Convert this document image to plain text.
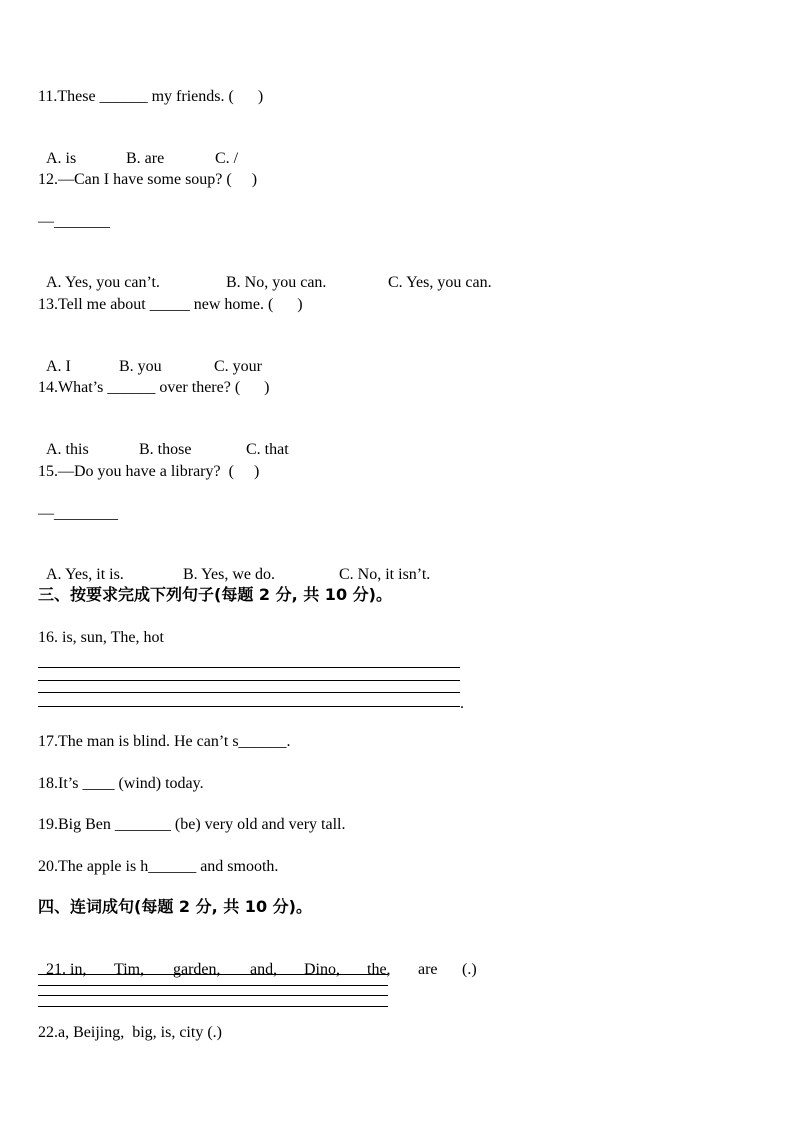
11.These ______ my friends. (      )

A. is	B. are	C. /

12.—Can I have some soup? (     )
—_______

A. Yes, you can’t.	B. No, you can.	C. Yes, you can.

13.Tell me about _____ new home. (      )

A. I	B. you	C. your

14.What’s ______ over there? (      )

A. this	B. those	C. that

15.—Do you have a library?  (     )
—________

A. Yes, it is.	B. Yes, we do.	C. No, it isn’t.

三、按要求完成下列句子(每题 2 分, 共 10 分)。
16. is, sun, The, hot
.
17.The man is blind. He can’t s______.
18.It’s ____ (wind) today.
19.Big Ben _______ (be) very old and very tall.
20.The apple is h______ and smooth.
四、连词成句(每题 2 分, 共 10 分)。

21. in, Tim, garden, and, Dino, the, are (.)

22.a, Beijing,  big, is, city (.)
